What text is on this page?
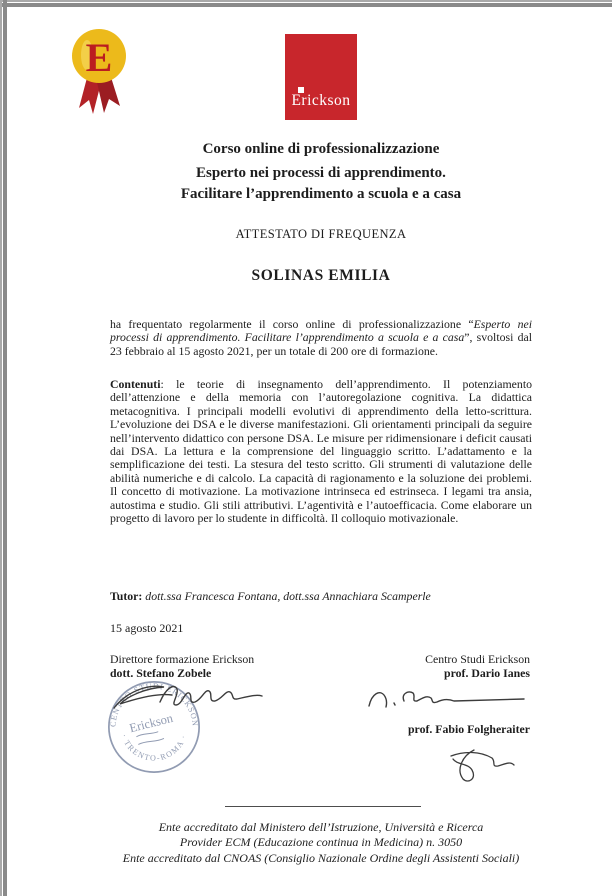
E
Erickson
Corso online di professionalizzazione
Esperto nei processi di apprendimento.
Facilitare l’apprendimento a scuola e a casa
ATTESTATO DI FREQUENZA
SOLINAS EMILIA
ha frequentato regolarmente il corso online di professionalizzazione “Esperto nei processi di apprendimento. Facilitare l’apprendimento a scuola e a casa”, svoltosi dal 23 febbraio al 15 agosto 2021, per un totale di 200 ore di formazione.
Contenuti: le teorie di insegnamento dell’apprendimento. Il potenziamento dell’attenzione e della memoria con l’autoregolazione cognitiva. La didattica metacognitiva. I principali modelli evolutivi di apprendimento della letto-scrittura. L’evoluzione dei DSA e le diverse manifestazioni. Gli orientamenti principali da seguire nell’intervento didattico con persone DSA. Le misure per ridimensionare i deficit causati dai DSA. La lettura e la comprensione del linguaggio scritto. L’adattamento e la semplificazione dei testi. La stesura del testo scritto. Gli strumenti di valutazione delle abilità numeriche e di calcolo. La capacità di ragionamento e la soluzione dei problemi. Il concetto di motivazione. La motivazione intrinseca ed estrinseca. I legami tra ansia, autostima e studio. Gli stili attributivi. L’agentività e l’autoefficacia. Come elaborare un progetto di lavoro per lo studente in difficoltà. Il colloquio motivazionale.
Tutor: dott.ssa Francesca Fontana, dott.ssa Annachiara Scamperle
15 agosto 2021
Direttore formazione Erickson
dott. Stefano Zobele
Centro Studi Erickson
prof. Dario Ianes
prof. Fabio Folgheraiter
CENTRO STUDI ERICKSON
· TRENTO-ROMA ·
Erickson
Ente accreditato dal Ministero dell’Istruzione, Università e Ricerca
Provider ECM (Educazione continua in Medicina) n. 3050
Ente accreditato dal CNOAS (Consiglio Nazionale Ordine degli Assistenti Sociali)
